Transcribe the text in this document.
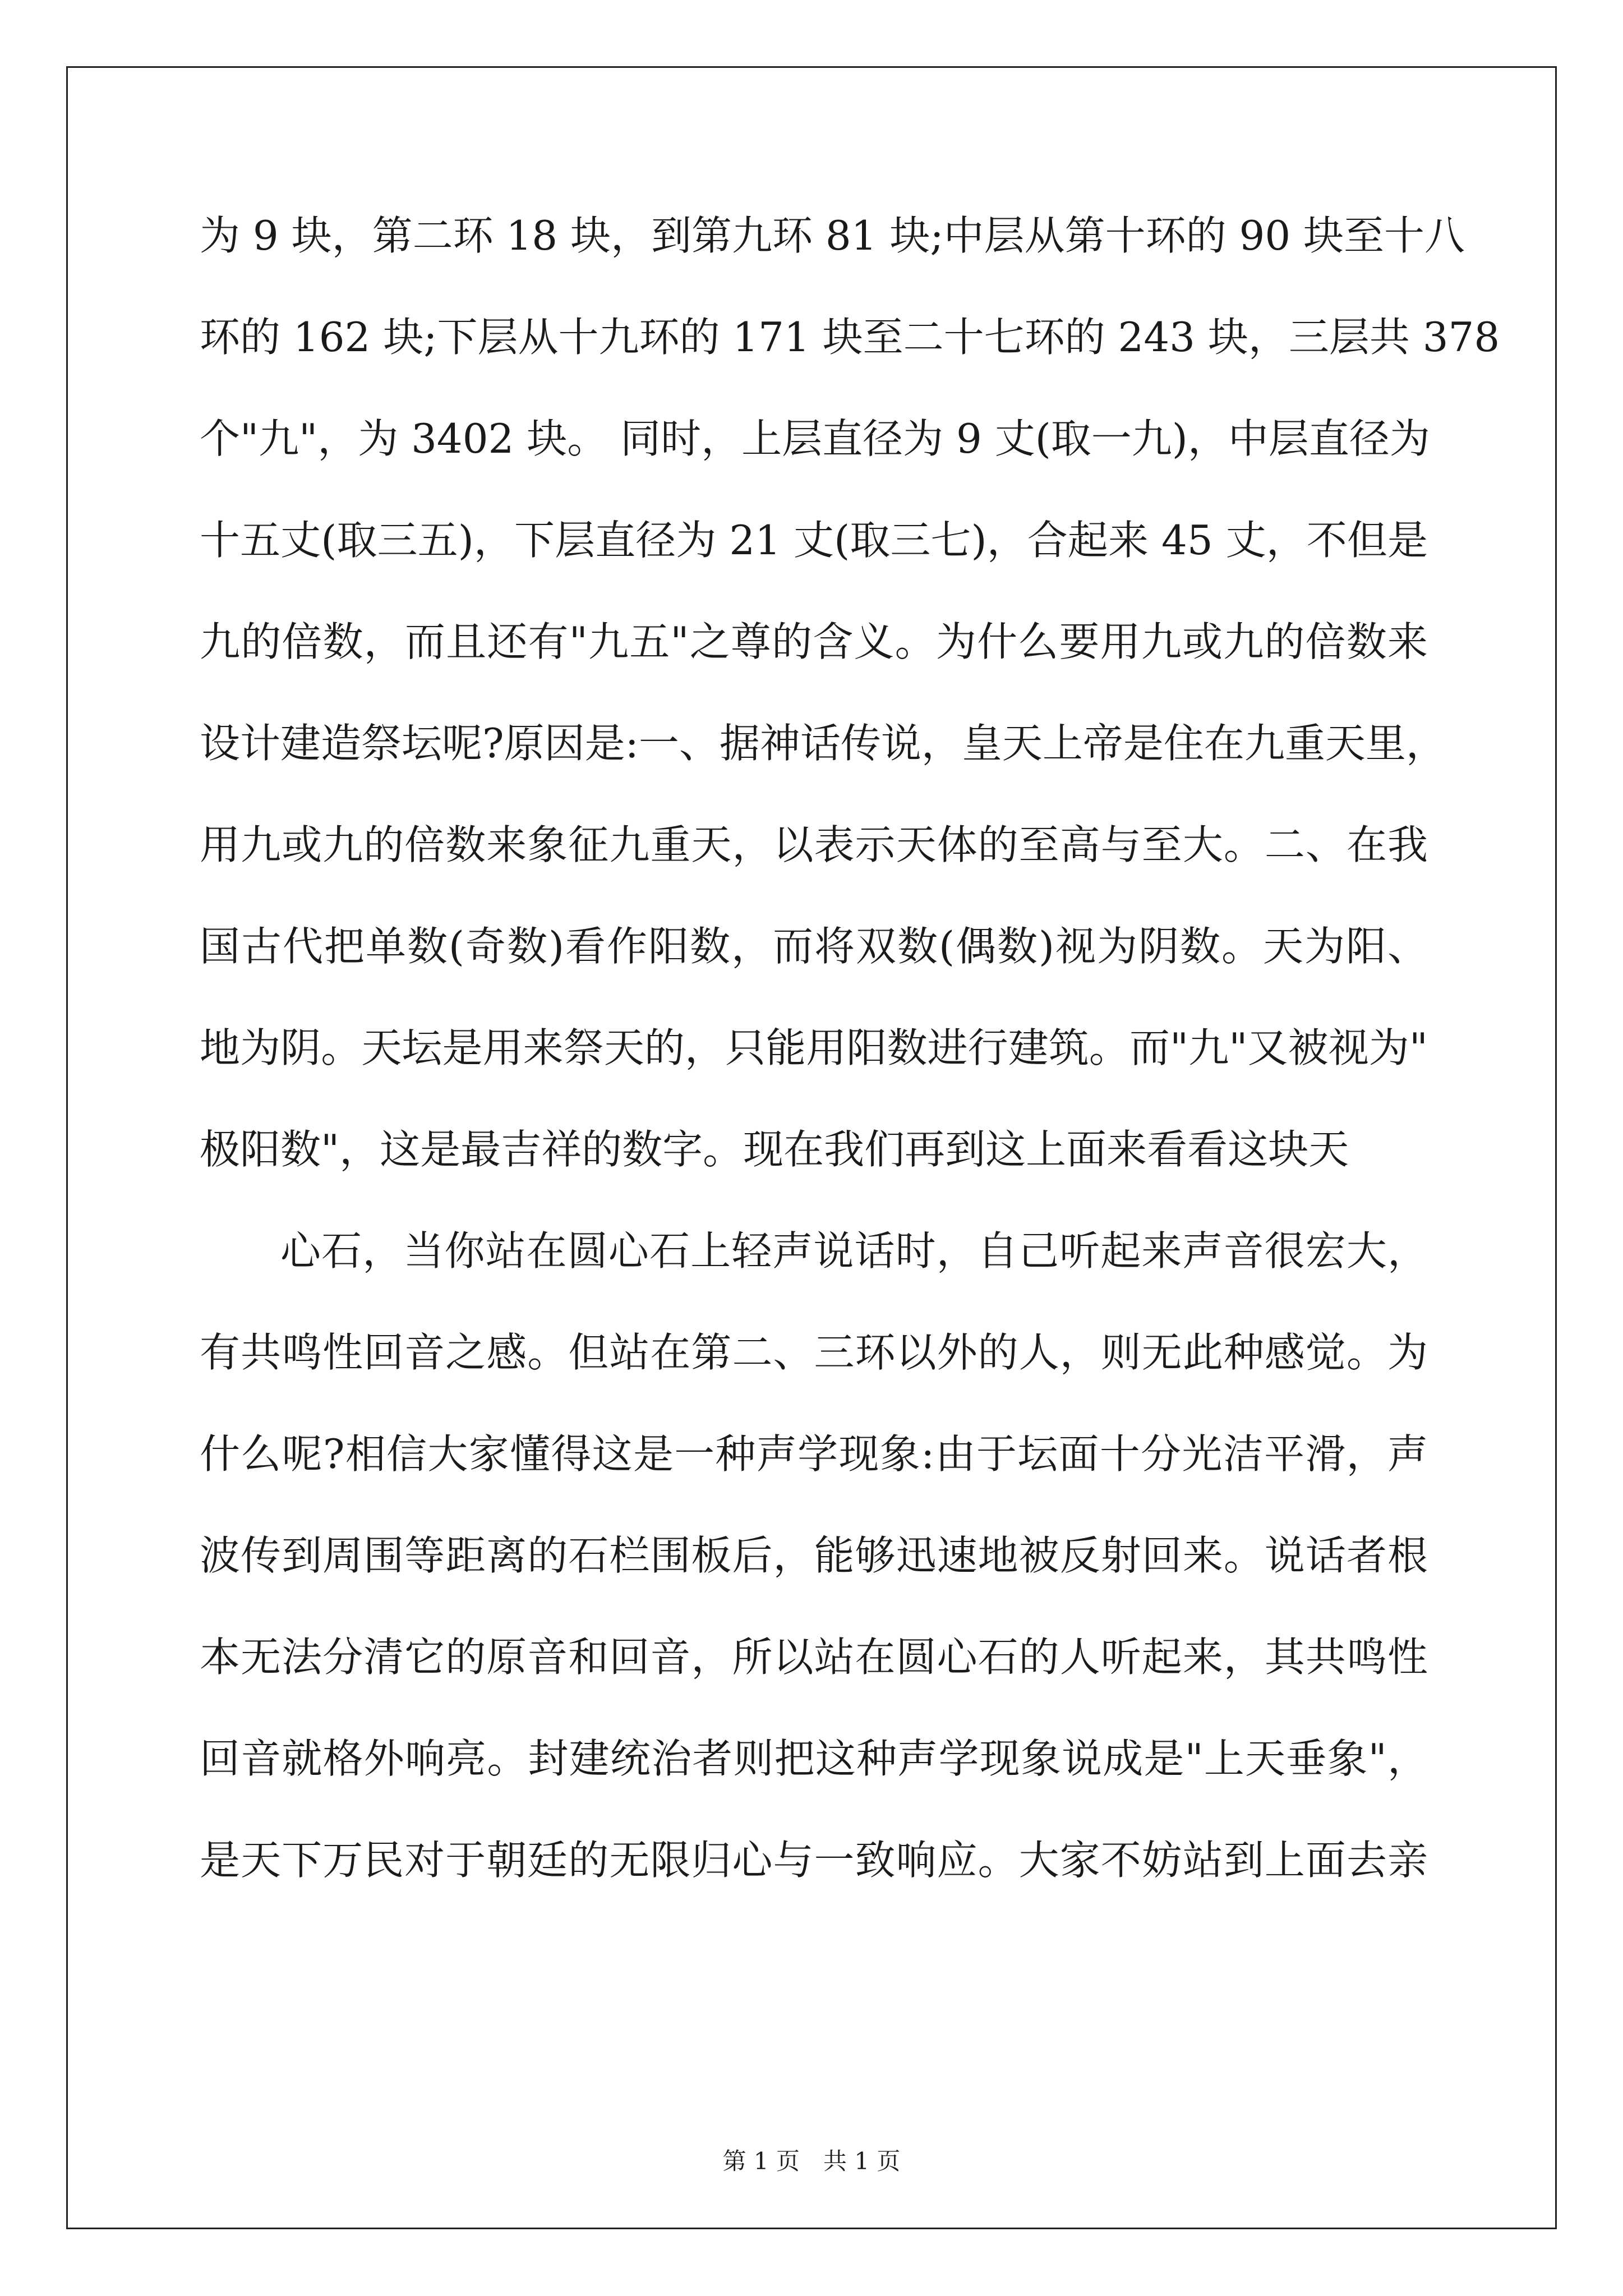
为 9 块，第二环 18 块，到第九环 81 块;中层从第十环的 90 块至十八
环的 162 块;下层从十九环的 171 块至二十七环的 243 块，三层共 378
个"九"，为 3402 块。 同时，上层直径为 9 丈(取一九)，中层直径为
十五丈(取三五)，下层直径为 21 丈(取三七)，合起来 45 丈，不但是
九的倍数，而且还有"九五"之尊的含义。为什么要用九或九的倍数来
设计建造祭坛呢?原因是:一、据神话传说，皇天上帝是住在九重天里，
用九或九的倍数来象征九重天，以表示天体的至高与至大。二、在我
国古代把单数(奇数)看作阳数，而将双数(偶数)视为阴数。天为阳、
地为阴。天坛是用来祭天的，只能用阳数进行建筑。而"九"又被视为"
极阳数"，这是最吉祥的数字。现在我们再到这上面来看看这块天
心石，当你站在圆心石上轻声说话时，自己听起来声音很宏大，
有共鸣性回音之感。但站在第二、三环以外的人，则无此种感觉。为
什么呢?相信大家懂得这是一种声学现象:由于坛面十分光洁平滑，声
波传到周围等距离的石栏围板后，能够迅速地被反射回来。说话者根
本无法分清它的原音和回音，所以站在圆心石的人听起来，其共鸣性
回音就格外响亮。封建统治者则把这种声学现象说成是"上天垂象"，
是天下万民对于朝廷的无限归心与一致响应。大家不妨站到上面去亲
第 1 页　共 1 页
